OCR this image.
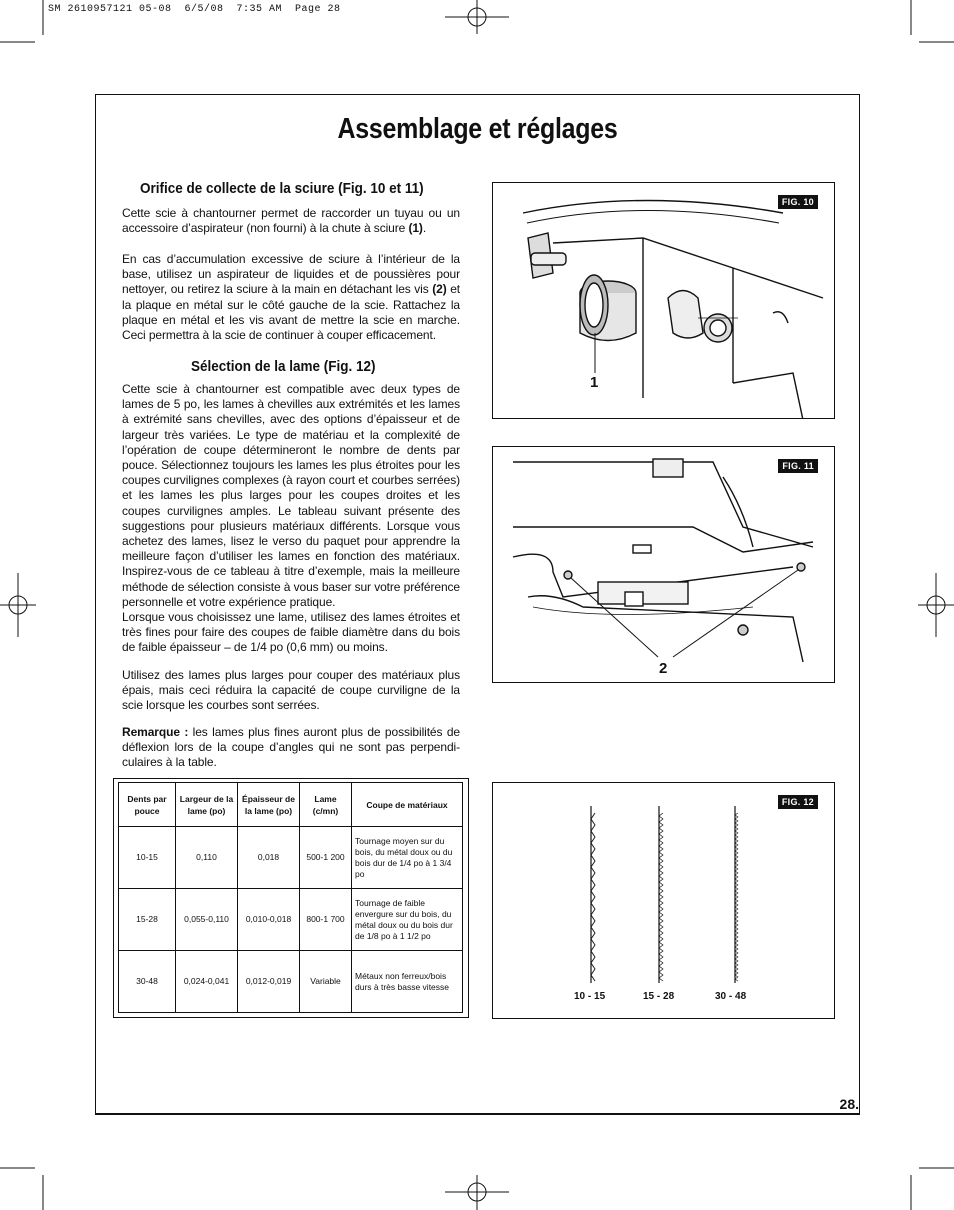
SM 2610957121 05-08  6/5/08  7:35 AM  Page 28
Assemblage et réglages
Orifice de collecte de la sciure (Fig. 10 et 11)

Cette scie à chantourner permet de raccorder un tuyau ou un accessoire d’aspirateur (non fourni) à la chute à sciure (1).

En cas d’accumulation excessive de sciure à l’intérieur de la base, utilisez un aspirateur de liquides et de poussières pour nettoyer, ou retirez la sciure à la main en détachant les vis (2) et la plaque en métal sur le côté gauche de la scie. Rattachez la plaque en métal et les vis avant de mettre la scie en marche. Ceci permettra à la scie de continuer à couper efficacement.

Sélection de la lame (Fig. 12)

Cette scie à chantourner est compatible avec deux types de lames de 5 po, les lames à chevilles aux extrémités et les lames à extrémité sans chevilles, avec des options d’épaisseur et de largeur très variées. Le type de matériau et la complexité de l’opération de coupe détermineront le nombre de dents par pouce. Sélectionnez toujours les lames les plus étroites pour les coupes curvilignes complexes (à rayon court et courbes serrées) et les lames les plus larges pour les coupes droites et les coupes curvilignes amples. Le tableau suivant présente des suggestions pour plusieurs matériaux différents. Lorsque vous achetez des lames, lisez le verso du paquet pour apprendre la meilleure façon d’utiliser les lames en fonction des matériaux. Inspirez-vous de ce tableau à titre d’exemple, mais la meilleure méthode de sélection consiste à vous baser sur votre préférence personnelle et votre expérience pratique.

Lorsque vous choisissez une lame, utilisez des lames étroites et très fines pour faire des coupes de faible diamètre dans du bois de faible épaisseur – de 1/4 po (0,6 mm) ou moins.

Utilisez des lames plus larges pour couper des matériaux plus épais, mais ceci réduira la capacité de coupe curviligne de la scie lorsque les courbes sont serrées.

Remarque : les lames plus fines auront plus de possibilités de déflexion lors de la coupe d’angles qui ne sont pas perpendi-culaires à la table.

Dents par pouce	Largeur de la lame (po)	Épaisseur de la lame (po)	Lame (c/mn)	Coupe de matériaux
10-15	0,110	0,018	500-1 200	Tournage moyen sur du bois, du métal doux ou du bois dur de 1/4 po à 1 3/4 po
15-28	0,055-0,110	0,010-0,018	800-1 700	Tournage de faible envergure sur du bois, du métal doux ou du bois dur de 1/8 po à 1 1/2 po
30-48	0,024-0,041	0,012-0,019	Variable	Métaux non ferreux/bois durs à très basse vitesse
FIG. 10
1
FIG. 11
2
FIG. 12
10 - 15	15 - 28	30 - 48
28.
